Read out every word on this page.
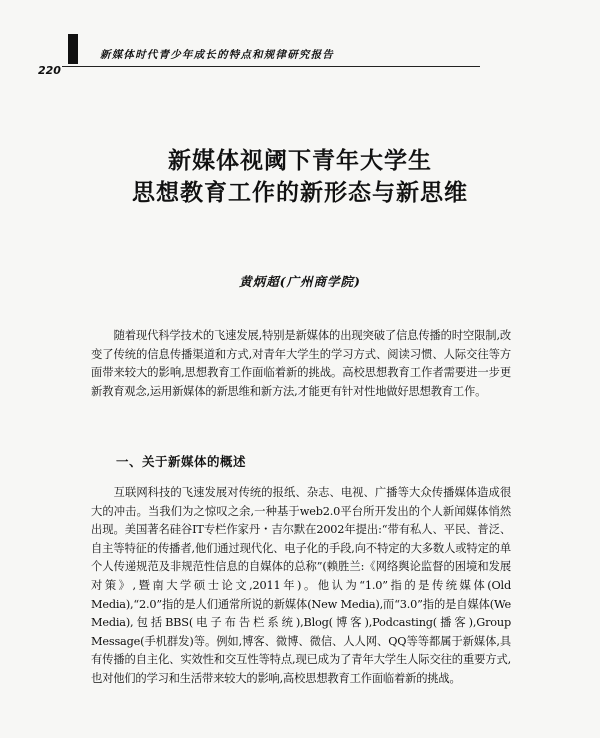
新媒体时代青少年成长的特点和规律研究报告
220
新媒体视阈下青年大学生
思想教育工作的新形态与新思维
黄炳超(广州商学院)

随着现代科学技术的飞速发展,特别是新媒体的出现突破了信息传播的时空限制,改变了传统的信息传播渠道和方式,对青年大学生的学习方式、阅读习惯、人际交往等方面带来较大的影响,思想教育工作面临着新的挑战。高校思想教育工作者需要进一步更新教育观念,运用新媒体的新思维和新方法,才能更有针对性地做好思想教育工作。

一、关于新媒体的概述

互联网科技的飞速发展对传统的报纸、杂志、电视、广播等大众传播媒体造成很大的冲击。当我们为之惊叹之余,一种基于web2.0平台所开发出的个人新闻媒体悄然出现。美国著名硅谷IT专栏作家丹・吉尔默在2002年提出:“带有私人、平民、普泛、自主等特征的传播者,他们通过现代化、电子化的手段,向不特定的大多数人或特定的单个人传递规范及非规范性信息的自媒体的总称”(赖胜兰:《网络舆论监督的困境和发展对策》,暨南大学硕士论文,2011年)。他认为“1.0”指的是传统媒体(Old Media),“2.0”指的是人们通常所说的新媒体(New Media),而“3.0”指的是自媒体(We Media),包括BBS(电子布告栏系统),Blog(博客),Podcasting(播客),Group Message(手机群发)等。例如,博客、微博、微信、人人网、QQ等等都属于新媒体,具有传播的自主化、实效性和交互性等特点,现已成为了青年大学生人际交往的重要方式,也对他们的学习和生活带来较大的影响,高校思想教育工作面临着新的挑战。
